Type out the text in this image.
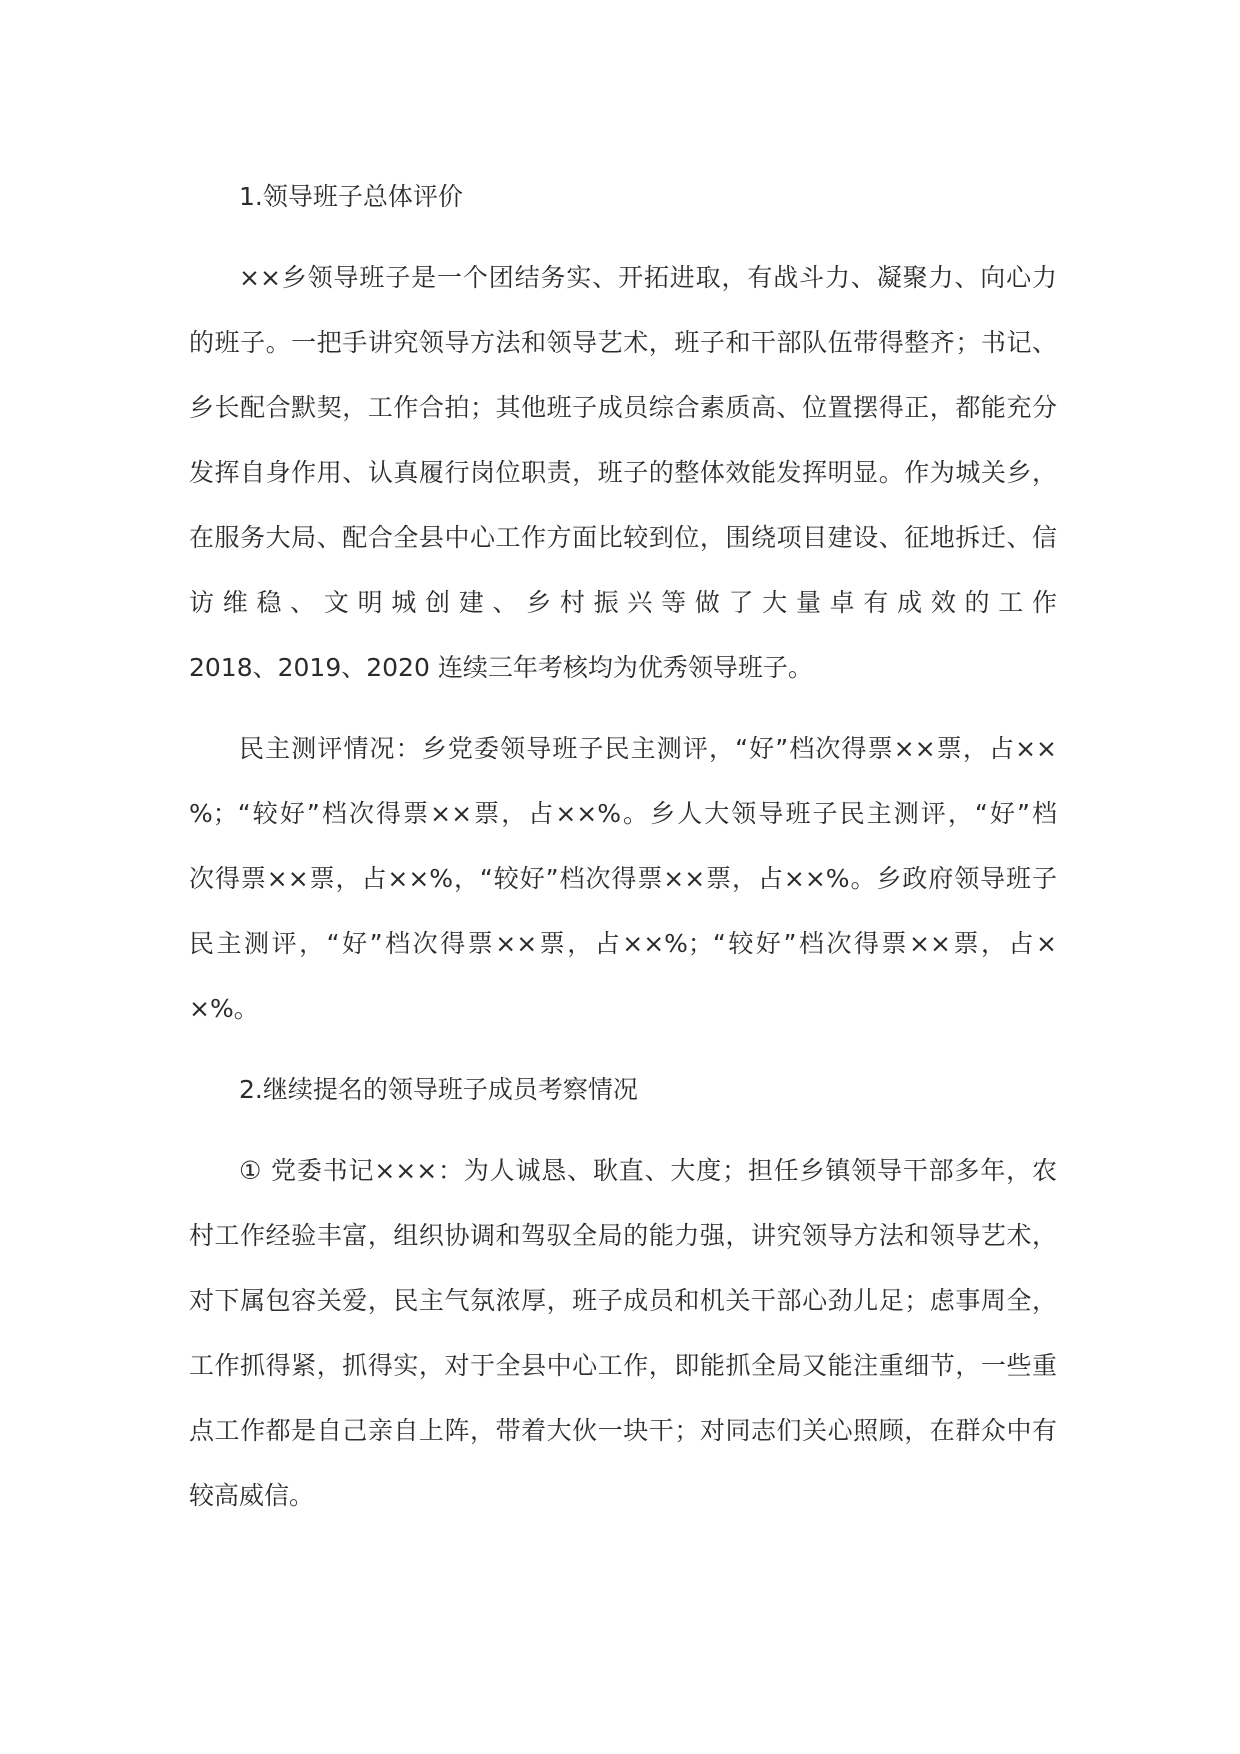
1.领导班子总体评价
××乡领导班子是一个团结务实、开拓进取，有战斗力、凝聚力、向心力
的班子。一把手讲究领导方法和领导艺术，班子和干部队伍带得整齐；书记、
乡长配合默契，工作合拍；其他班子成员综合素质高、位置摆得正，都能充分
发挥自身作用、认真履行岗位职责，班子的整体效能发挥明显。作为城关乡，
在服务大局、配合全县中心工作方面比较到位，围绕项目建设、征地拆迁、信
访维稳、文明城创建、乡村振兴等做了大量卓有成效的工作
2018、2019、2020 连续三年考核均为优秀领导班子。
民主测评情况：乡党委领导班子民主测评，“好”档次得票××票，占××
%；“较好”档次得票××票，占××%。乡人大领导班子民主测评，“好”档
次得票××票，占××%，“较好”档次得票××票，占××%。乡政府领导班子
民主测评，“好”档次得票××票，占××%；“较好”档次得票××票，占×
×%。
2.继续提名的领导班子成员考察情况
① 党委书记×××：为人诚恳、耿直、大度；担任乡镇领导干部多年，农
村工作经验丰富，组织协调和驾驭全局的能力强，讲究领导方法和领导艺术，
对下属包容关爱，民主气氛浓厚，班子成员和机关干部心劲儿足；虑事周全，
工作抓得紧，抓得实，对于全县中心工作，即能抓全局又能注重细节，一些重
点工作都是自己亲自上阵，带着大伙一块干；对同志们关心照顾，在群众中有
较高威信。
